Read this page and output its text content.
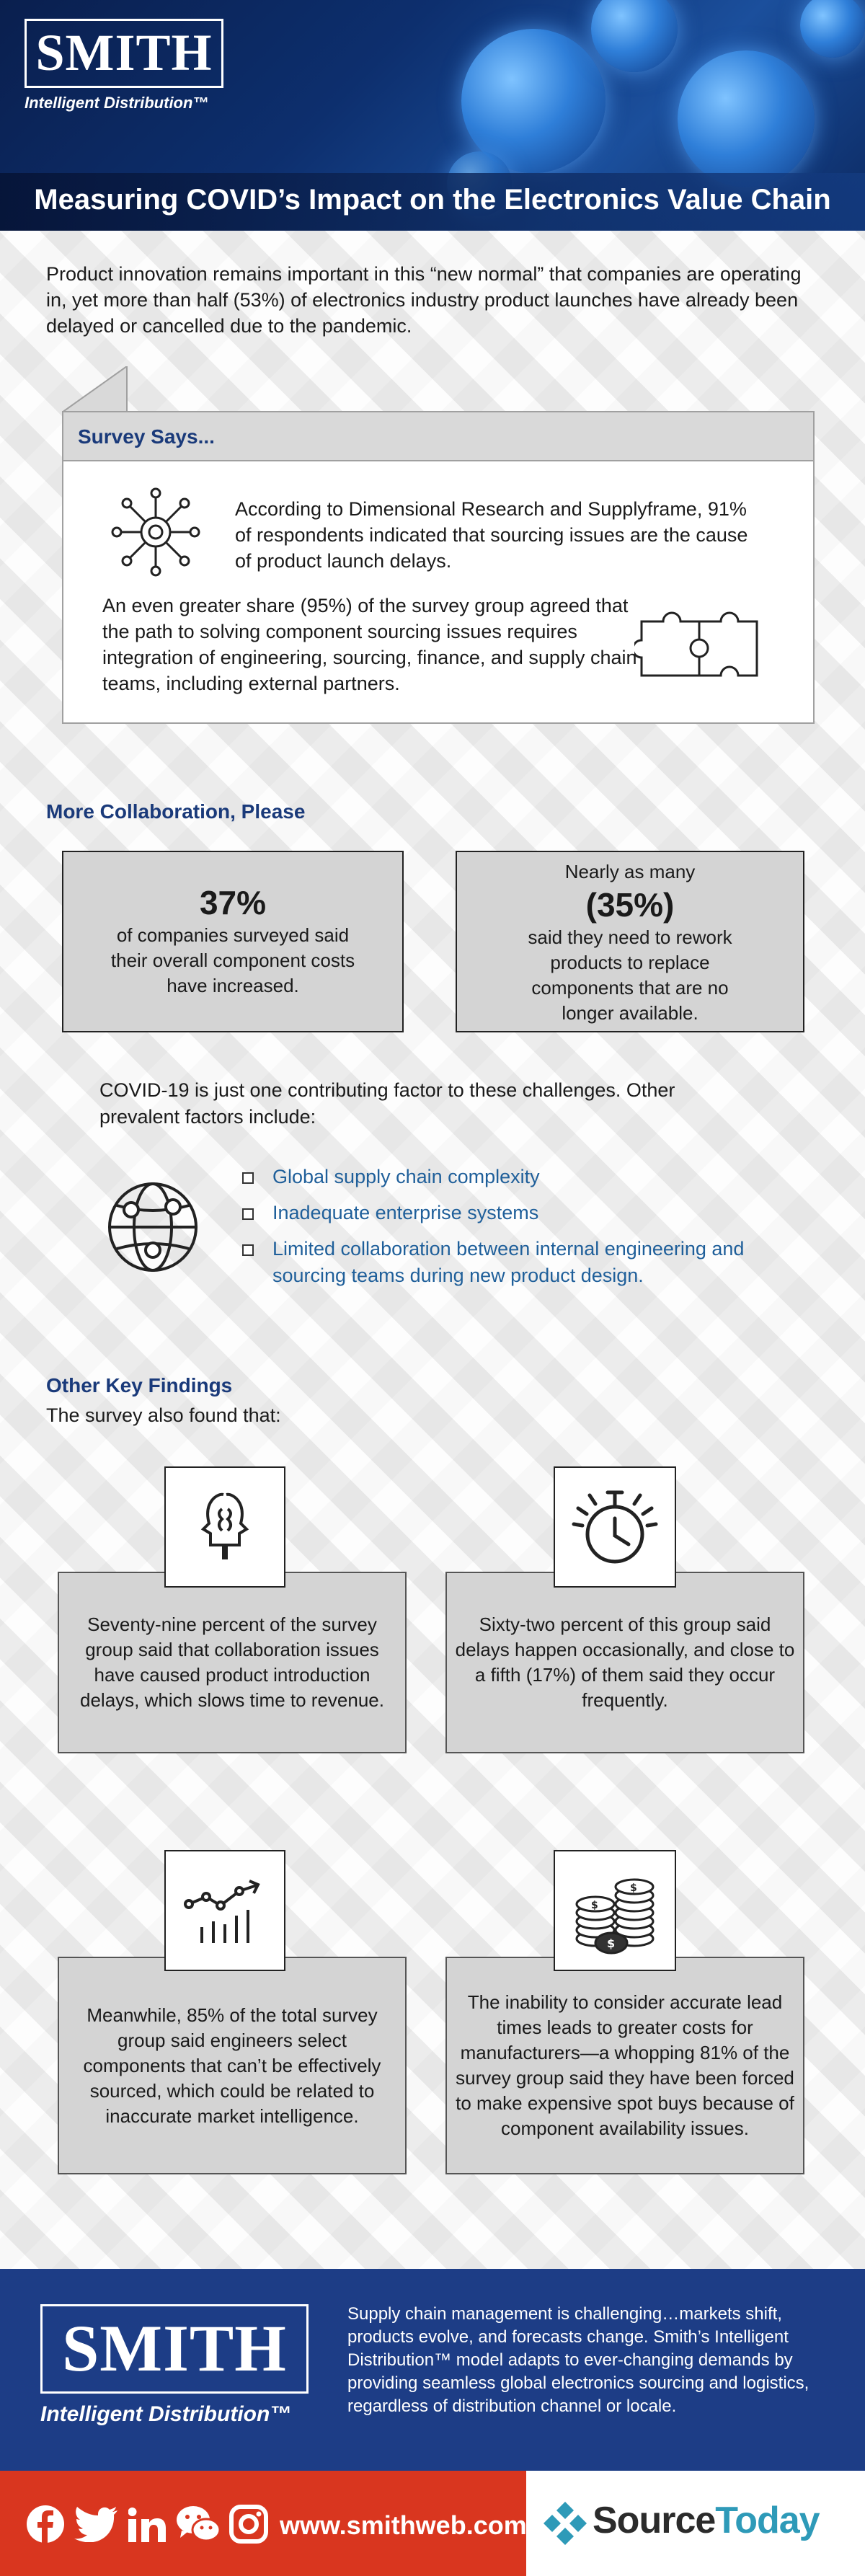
SMITH
Intelligent Distribution™
Measuring COVID’s Impact on the Electronics Value Chain

Product innovation remains important in this “new normal” that companies are operating in, yet more than half (53%) of electronics industry product launches have already been delayed or cancelled due to the pandemic.

Survey Says...

According to Dimensional Research and Supplyframe, 91% of respondents indicated that sourcing issues are the cause of product launch delays.

An even greater share (95%) of the survey group agreed that the path to solving component sourcing issues requires integration of engineering, sourcing, finance, and supply chain teams, including external partners.

More Collaboration, Please
37%
of companies surveyed said their overall component costs have increased.
Nearly as many
(35%)
said they need to rework products to replace components that are no longer available.

COVID-19 is just one contributing factor to these challenges. Other prevalent factors include:

Global supply chain complexity
Inadequate enterprise systems
Limited collaboration between internal engineering and sourcing teams during new product design.
Other Key Findings
The survey also found that:
Seventy-nine percent of the survey group said that collaboration issues have caused product introduction delays, which slows time to revenue.
Sixty-two percent of this group said delays happen occasionally, and close to a fifth (17%) of them said they occur frequently.
Meanwhile, 85% of the total survey group said engineers select components that can’t be effectively sourced, which could be related to inaccurate market intelligence.
The inability to consider accurate lead times leads to greater costs for manufacturers—a whopping 81% of the survey group said they have been forced to make expensive spot buys because of component availability issues.
$
$
$
SMITH
Intelligent Distribution™

Supply chain management is challenging…markets shift, products evolve, and forecasts change. Smith’s Intelligent Distribution™ model adapts to ever-changing demands by providing seamless global electronics sourcing and logistics, regardless of distribution channel or locale.

www.smithweb.com SourceToday
